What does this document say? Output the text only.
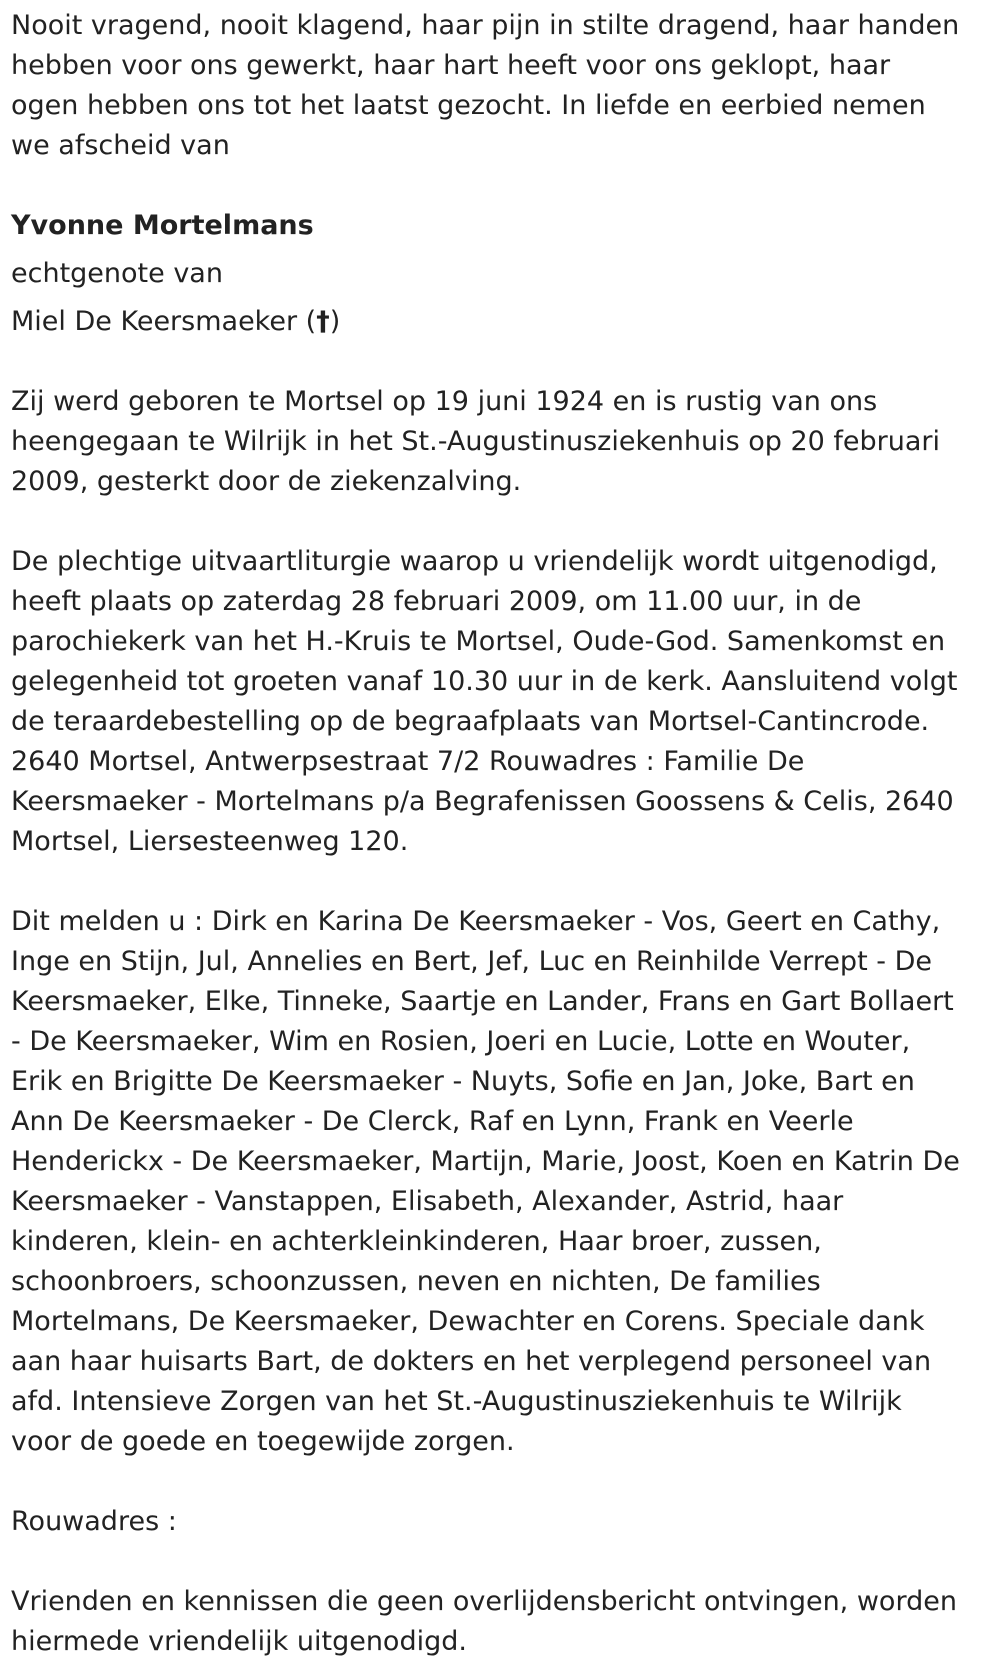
Nooit vragend, nooit klagend, haar pijn in stilte dragend, haar handen hebben voor ons gewerkt, haar hart heeft voor ons geklopt, haar ogen hebben ons tot het laatst gezocht. In liefde en eerbied nemen we afscheid van

Yvonne Mortelmans

echtgenote van

Miel De Keersmaeker (†)

Zij werd geboren te Mortsel op 19 juni 1924 en is rustig van ons heengegaan te Wilrijk in het St.-Augustinusziekenhuis op 20 februari 2009, gesterkt door de ziekenzalving.

De plechtige uitvaartliturgie waarop u vriendelijk wordt uitgenodigd, heeft plaats op zaterdag 28 februari 2009, om 11.00 uur, in de parochiekerk van het H.-Kruis te Mortsel, Oude-God. Samenkomst en gelegenheid tot groeten vanaf 10.30 uur in de kerk. Aansluitend volgt de teraardebestelling op de begraafplaats van Mortsel-Cantincrode. 2640 Mortsel, Antwerpsestraat 7/2 Rouwadres : Familie De Keersmaeker - Mortelmans p/a Begrafenissen Goossens & Celis, 2640 Mortsel, Liersesteenweg 120.

Dit melden u : Dirk en Karina De Keersmaeker - Vos, Geert en Cathy, Inge en Stijn, Jul, Annelies en Bert, Jef, Luc en Reinhilde Verrept - De Keersmaeker, Elke, Tinneke, Saartje en Lander, Frans en Gart Bollaert - De Keersmaeker, Wim en Rosien, Joeri en Lucie, Lotte en Wouter, Erik en Brigitte De Keersmaeker - Nuyts, Sofie en Jan, Joke, Bart en Ann De Keersmaeker - De Clerck, Raf en Lynn, Frank en Veerle Henderickx - De Keersmaeker, Martijn, Marie, Joost, Koen en Katrin De Keersmaeker - Vanstappen, Elisabeth, Alexander, Astrid, haar kinderen, klein- en achterkleinkinderen, Haar broer, zussen, schoonbroers, schoonzussen, neven en nichten, De families Mortelmans, De Keersmaeker, Dewachter en Corens. Speciale dank aan haar huisarts Bart, de dokters en het verplegend personeel van afd. Intensieve Zorgen van het St.-Augustinusziekenhuis te Wilrijk voor de goede en toegewijde zorgen.

Rouwadres :

Vrienden en kennissen die geen overlijdensbericht ontvingen, worden hiermede vriendelijk uitgenodigd.
